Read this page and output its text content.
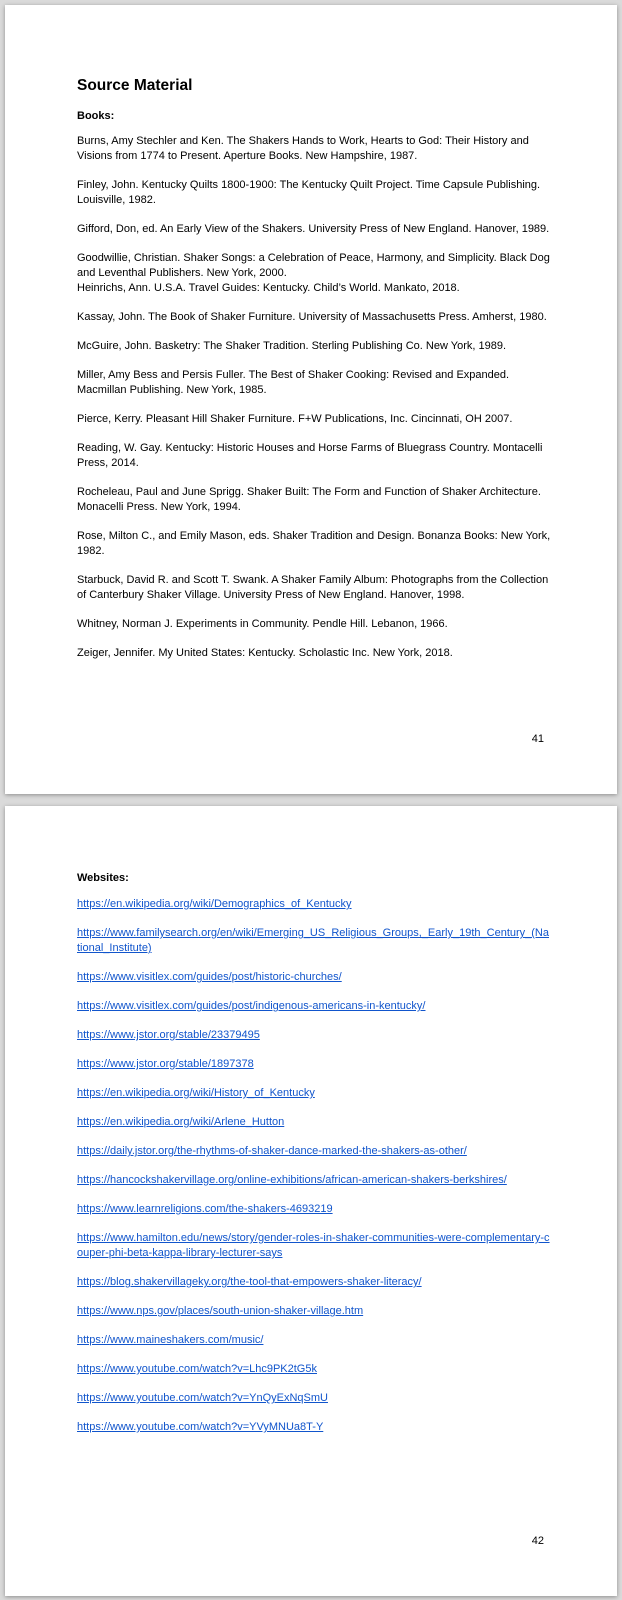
Source Material
Books:
Burns, Amy Stechler and Ken. The Shakers Hands to Work, Hearts to God: Their History and Visions from 1774 to Present. Aperture Books. New Hampshire, 1987.
Finley, John. Kentucky Quilts 1800-1900: The Kentucky Quilt Project. Time Capsule Publishing. Louisville, 1982.
Gifford, Don, ed. An Early View of the Shakers. University Press of New England. Hanover, 1989.
Goodwillie, Christian. Shaker Songs: a Celebration of Peace, Harmony, and Simplicity. Black Dog and Leventhal Publishers. New York, 2000.
Heinrichs, Ann. U.S.A. Travel Guides: Kentucky. Child’s World. Mankato, 2018.
Kassay, John. The Book of Shaker Furniture. University of Massachusetts Press. Amherst, 1980.
McGuire, John. Basketry: The Shaker Tradition. Sterling Publishing Co. New York, 1989.
Miller, Amy Bess and Persis Fuller. The Best of Shaker Cooking: Revised and Expanded. Macmillan Publishing. New York, 1985.
Pierce, Kerry. Pleasant Hill Shaker Furniture. F+W Publications, Inc. Cincinnati, OH 2007.
Reading, W. Gay. Kentucky: Historic Houses and Horse Farms of Bluegrass Country. Montacelli Press, 2014.
Rocheleau, Paul and June Sprigg. Shaker Built: The Form and Function of Shaker Architecture. Monacelli Press. New York, 1994.
Rose, Milton C., and Emily Mason, eds. Shaker Tradition and Design. Bonanza Books: New York, 1982.
Starbuck, David R. and Scott T. Swank. A Shaker Family Album: Photographs from the Collection of Canterbury Shaker Village. University Press of New England. Hanover, 1998.
Whitney, Norman J. Experiments in Community. Pendle Hill. Lebanon, 1966.
Zeiger, Jennifer. My United States: Kentucky. Scholastic Inc. New York, 2018.
41
Websites:
https://en.wikipedia.org/wiki/Demographics_of_Kentucky
https://www.familysearch.org/en/wiki/Emerging_US_Religious_Groups,_Early_19th_Century_(National_Institute)
https://www.visitlex.com/guides/post/historic-churches/
https://www.visitlex.com/guides/post/indigenous-americans-in-kentucky/
https://www.jstor.org/stable/23379495
https://www.jstor.org/stable/1897378
https://en.wikipedia.org/wiki/History_of_Kentucky
https://en.wikipedia.org/wiki/Arlene_Hutton
https://daily.jstor.org/the-rhythms-of-shaker-dance-marked-the-shakers-as-other/
https://hancockshakervillage.org/online-exhibitions/african-american-shakers-berkshires/
https://www.learnreligions.com/the-shakers-4693219
https://www.hamilton.edu/news/story/gender-roles-in-shaker-communities-were-complementary-couper-phi-beta-kappa-library-lecturer-says
https://blog.shakervillageky.org/the-tool-that-empowers-shaker-literacy/
https://www.nps.gov/places/south-union-shaker-village.htm
https://www.maineshakers.com/music/
https://www.youtube.com/watch?v=Lhc9PK2tG5k
https://www.youtube.com/watch?v=YnQyExNqSmU
https://www.youtube.com/watch?v=YVyMNUa8T-Y
42
